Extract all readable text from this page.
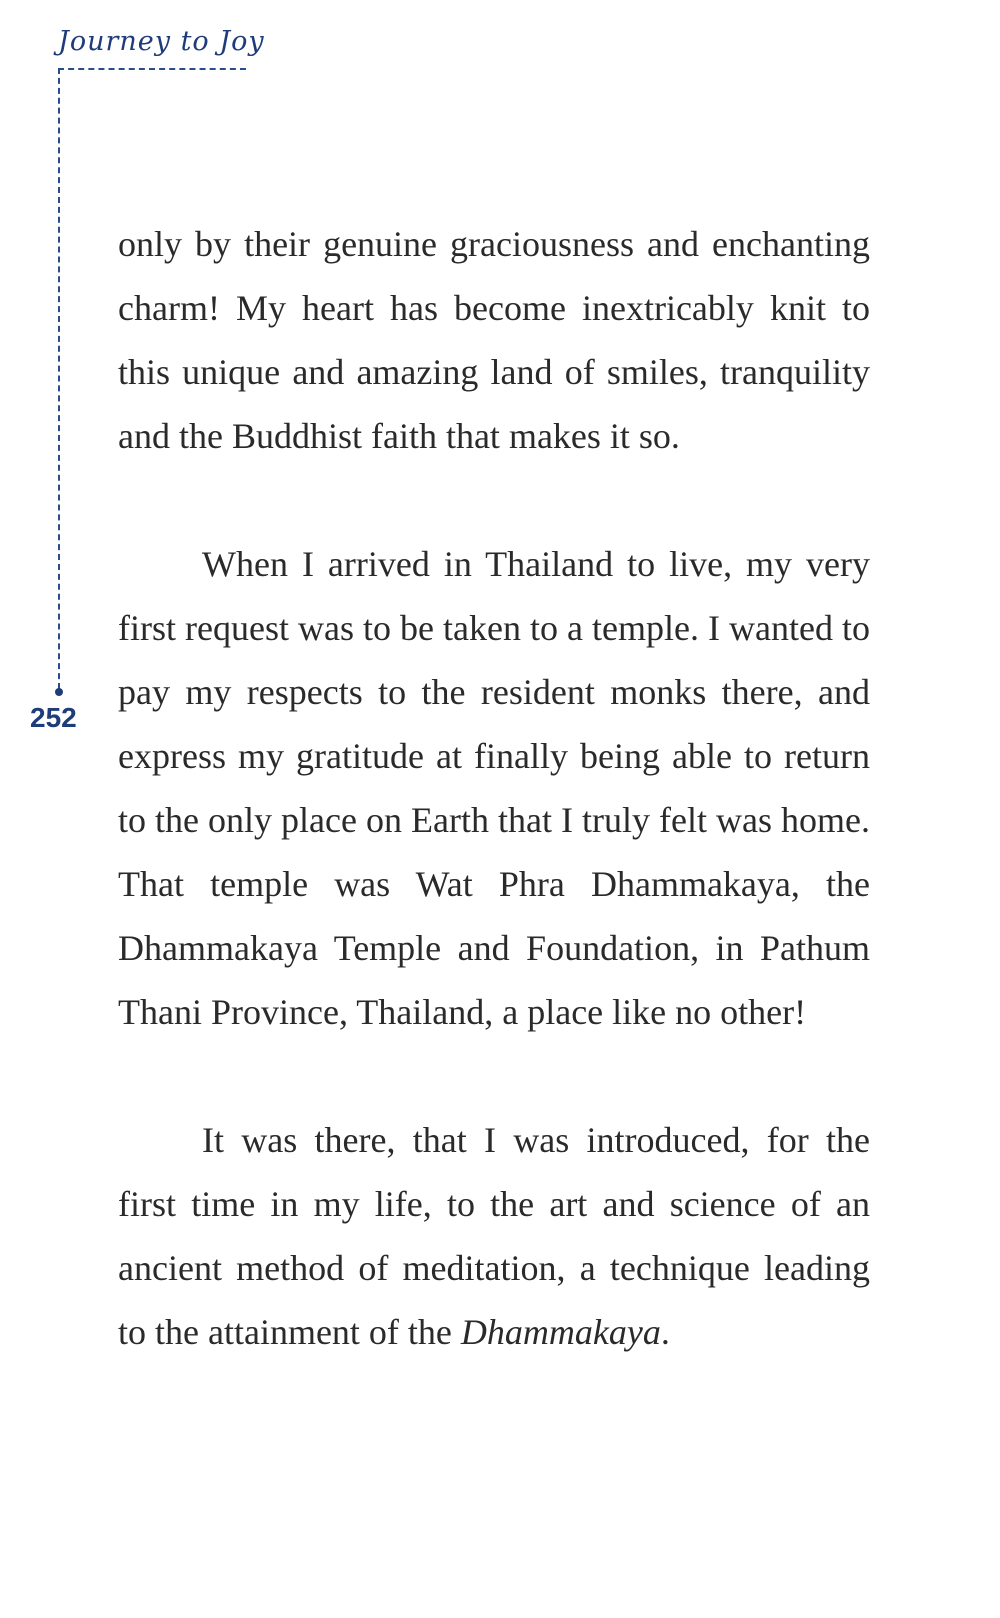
Journey to Joy
252

only by their genuine graciousness and enchanting charm! My heart has become inextricably knit to this unique and amazing land of smiles, tranquility and the Buddhist faith that makes it so.

When I arrived in Thailand to live, my very first request was to be taken to a temple. I wanted to pay my respects to the resident monks there, and express my gratitude at finally being able to return to the only place on Earth that I truly felt was home. That temple was Wat Phra Dhammakaya, the Dhammakaya Temple and Foundation, in Pathum Thani Province, Thailand, a place like no other!

It was there, that I was introduced, for the first time in my life, to the art and science of an ancient method of meditation, a technique leading to the attainment of the Dhammakaya.
